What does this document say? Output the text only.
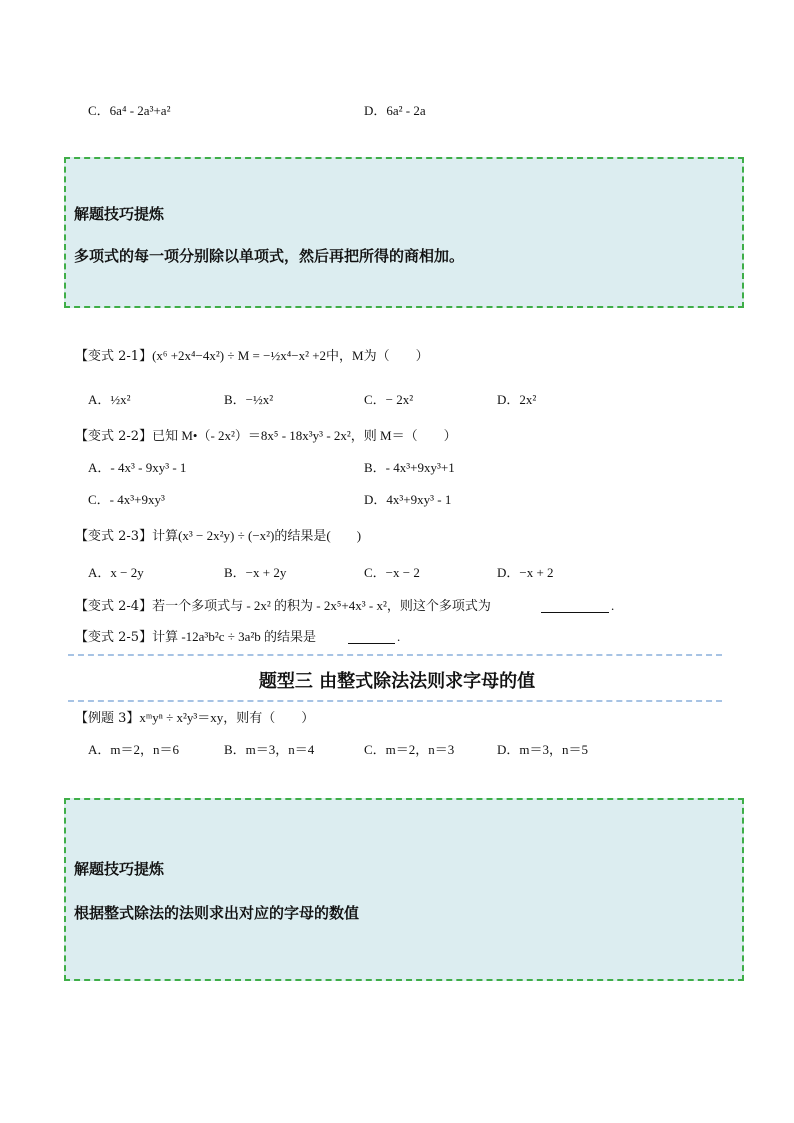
C．6a⁴ - 2a³+a²	D．6a² - 2a
解题技巧提炼
多项式的每一项分别除以单项式，然后再把所得的商相加。
【变式 2-1】(x⁶ +2x⁴−4x²) ÷ M = −½x⁴−x² +2中，M为（　　）
A．½x²	B．−½x²	C．− 2x²	D．2x²
【变式 2-2】已知 M•（- 2x²）＝8x⁵ - 18x³y³ - 2x²，则 M＝（　　）
A．- 4x³ - 9xy³ - 1	B．- 4x³+9xy³+1
C．- 4x³+9xy³	D．4x³+9xy³ - 1
【变式 2-3】计算(x³ − 2x²y) ÷ (−x²)的结果是(　　)
A．x − 2y	B．−x + 2y	C．−x − 2	D．−x + 2
【变式 2-4】若一个多项式与 - 2x² 的积为 - 2x⁵+4x³ - x²，则这个多项式为	.
【变式 2-5】计算 -12a³b²c ÷ 3a²b 的结果是	.
题型三 由整式除法法则求字母的值
【例题 3】xᵐyⁿ ÷ x²y³＝xy，则有（　　）
A．m＝2，n＝6	B．m＝3，n＝4	C．m＝2，n＝3	D．m＝3，n＝5
解题技巧提炼
根据整式除法的法则求出对应的字母的数值
